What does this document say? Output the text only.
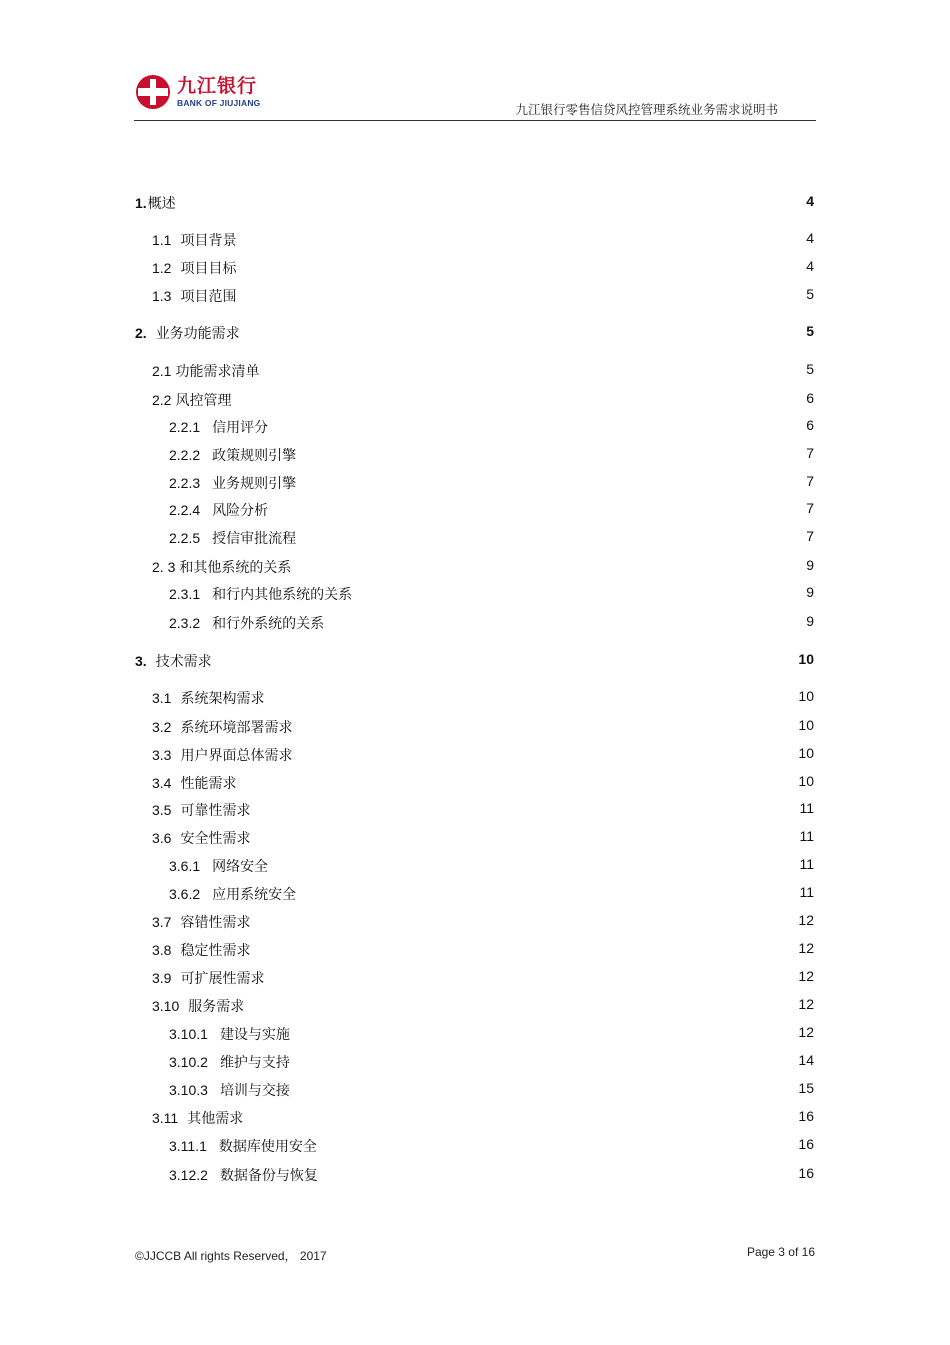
九江银行
BANK OF JIUJIANG	九江银行零售信贷风控管理系统业务需求说明书
1.概述	4
1.1 项目背景	4
1.2 项目目标	4
1.3 项目范围	5
2. 业务功能需求	5
2.1 功能需求清单	5
2.2 风控管理	6
2.2.1 信用评分	6
2.2.2 政策规则引擎	7
2.2.3 业务规则引擎	7
2.2.4 风险分析	7
2.2.5 授信审批流程	7
2. 3 和其他系统的关系	9
2.3.1 和行内其他系统的关系	9
2.3.2 和行外系统的关系	9
3. 技术需求	10
3.1 系统架构需求	10
3.2 系统环境部署需求	10
3.3 用户界面总体需求	10
3.4 性能需求	10
3.5 可靠性需求	11
3.6 安全性需求	11
3.6.1 网络安全	11
3.6.2 应用系统安全	11
3.7 容错性需求	12
3.8 稳定性需求	12
3.9 可扩展性需求	12
3.10 服务需求	12
3.10.1 建设与实施	12
3.10.2 维护与支持	14
3.10.3 培训与交接	15
3.11 其他需求	16
3.11.1 数据库使用安全	16
3.12.2 数据备份与恢复	16
©JJCCB All rights Reserved， 2017	Page 3 of 16
